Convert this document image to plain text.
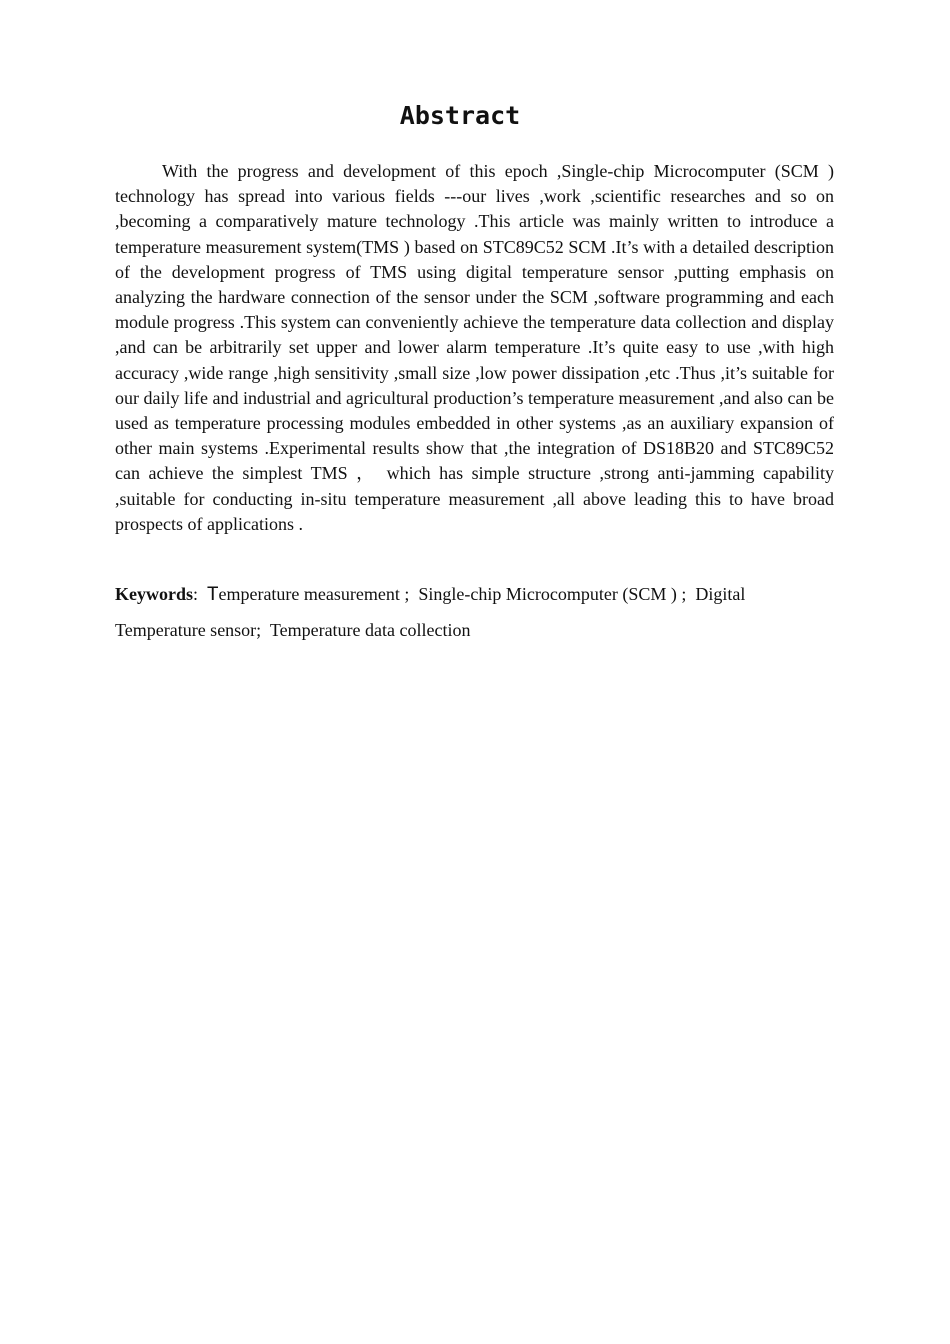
Abstract

With the progress and development of this epoch ,Single-chip Microcomputer (SCM ) technology has spread into various fields ---our lives ,work ,scientific researches and so on ,becoming a comparatively mature technology .This article was mainly written to introduce a temperature measurement system(TMS ) based on STC89C52 SCM .It’s with a detailed description of the development progress of TMS using digital temperature sensor ,putting emphasis on analyzing the hardware connection of the sensor under the SCM ,software programming and each module progress .This system can conveniently achieve the temperature data collection and display ,and can be arbitrarily set upper and lower alarm temperature .It’s quite easy to use ,with high accuracy ,wide range ,high sensitivity ,small size ,low power dissipation ,etc .Thus ,it’s suitable for our daily life and industrial and agricultural production’s temperature measurement ,and also can be used as temperature processing modules embedded in other systems ,as an auxiliary expansion of other main systems .Experimental results show that ,the integration of DS18B20 and STC89C52 can achieve the simplest TMS ， which has simple structure ,strong anti-jamming capability ,suitable for conducting in-situ temperature measurement ,all above leading this to have broad prospects of applications .

Keywords:  Temperature measurement ;  Single-chip Microcomputer (SCM ) ;  Digital Temperature sensor;  Temperature data collection
